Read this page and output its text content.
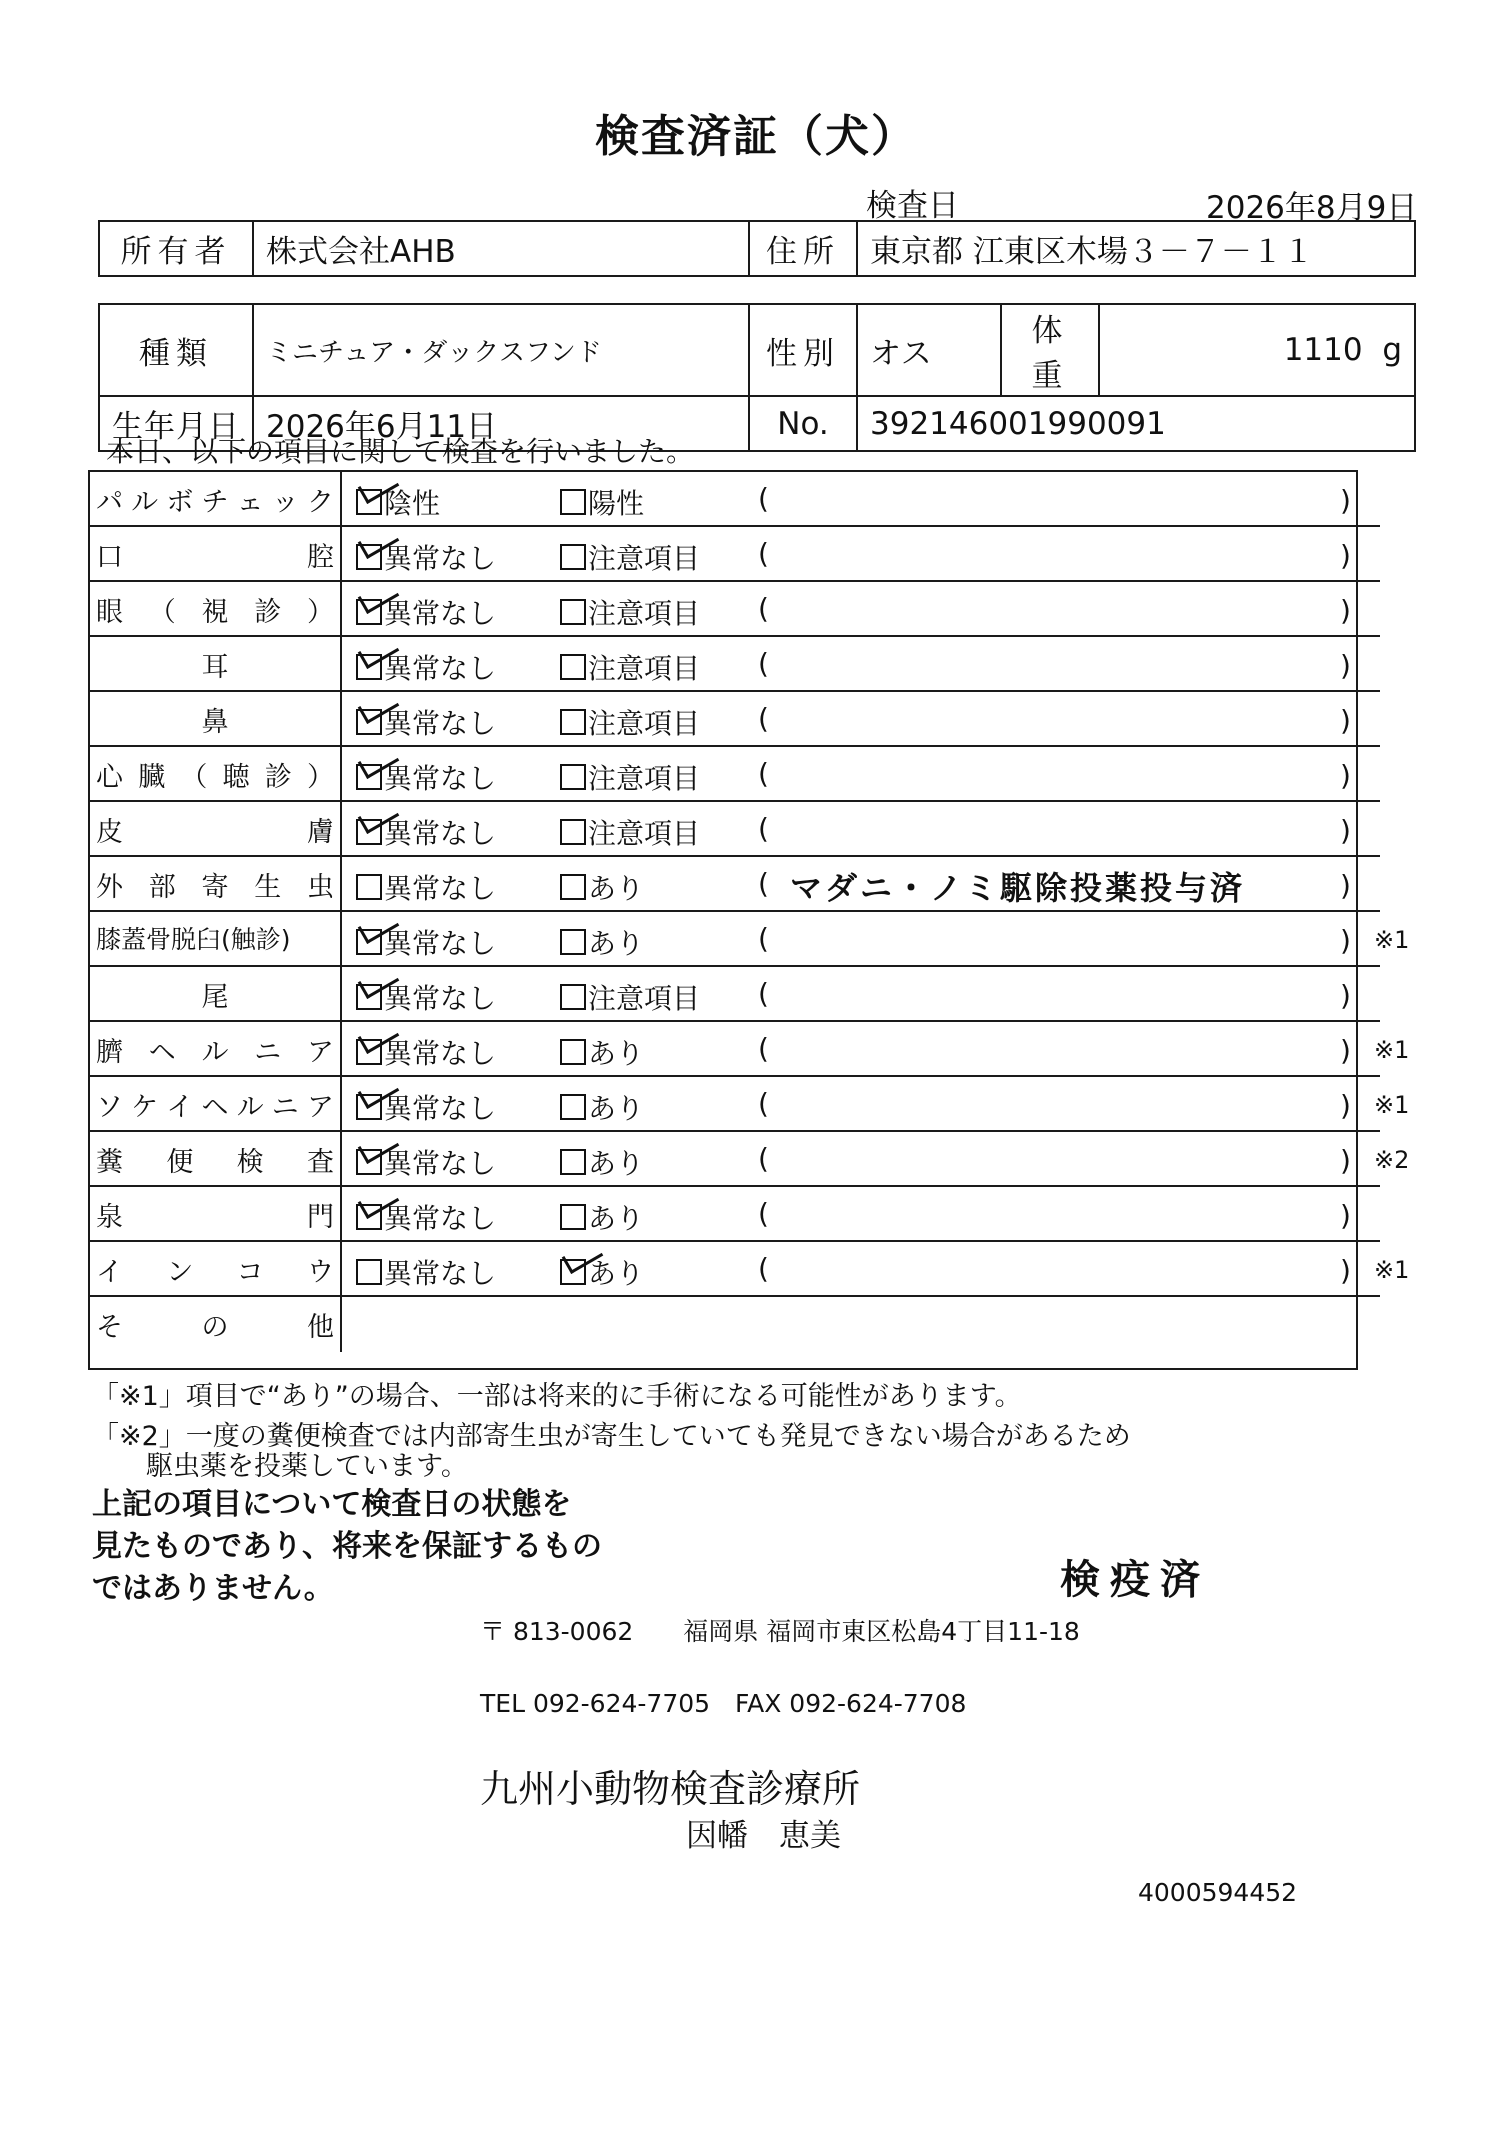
検査済証（犬）
検査日	2026年8月9日
所有者	株式会社AHB	住所	東京都 江東区木場３－７－１１
種類	ミニチュア・ダックスフンド	性別	オス	体重	1110 g
生年月日	2026年6月11日	No.	392146001990091		
本日、以下の項目に関して検査を行いました。
パ ル ボ チ ェ ッ ク	陰性	陽性	(	)
口	腔	異常なし	注意項目 (	)
眼 （ 視 診 ）	異常なし	注意項目 (	)
耳	異常なし	注意項目 (	)
鼻	異常なし	注意項目 (	)
心 臓 （ 聴 診 ）	異常なし	注意項目 (	)
皮	膚	異常なし	注意項目 (	)
外 部 寄 生 虫	異常なし	あり	( マダニ・ノミ駆除投薬投与済	)
膝蓋骨脱臼(触診)	異常なし	あり	(	) ※1
尾	異常なし	注意項目 (	)
臍 ヘ ル ニ ア	異常なし	あり	(	) ※1
ソ ケ イ ヘ ル ニ ア	異常なし	あり	(	) ※1
糞 便 検 査	異常なし	あり	(	) ※2
泉	門	異常なし	あり	(	)
イ ン コ ウ	異常なし	あり	(	) ※1
そ	の	他
「※1」項目で“あり”の場合、一部は将来的に手術になる可能性があります。
「※2」一度の糞便検査では内部寄生虫が寄生していても発見できない場合があるため
　　駆虫薬を投薬しています。
上記の項目について検査日の状態を
見たものであり、将来を保証するもの
ではありません。	検疫済
〒 813-0062　　福岡県 福岡市東区松島4丁目11-18
TEL 092-624-7705　FAX 092-624-7708
九州小動物検査診療所
因幡　恵美
4000594452
